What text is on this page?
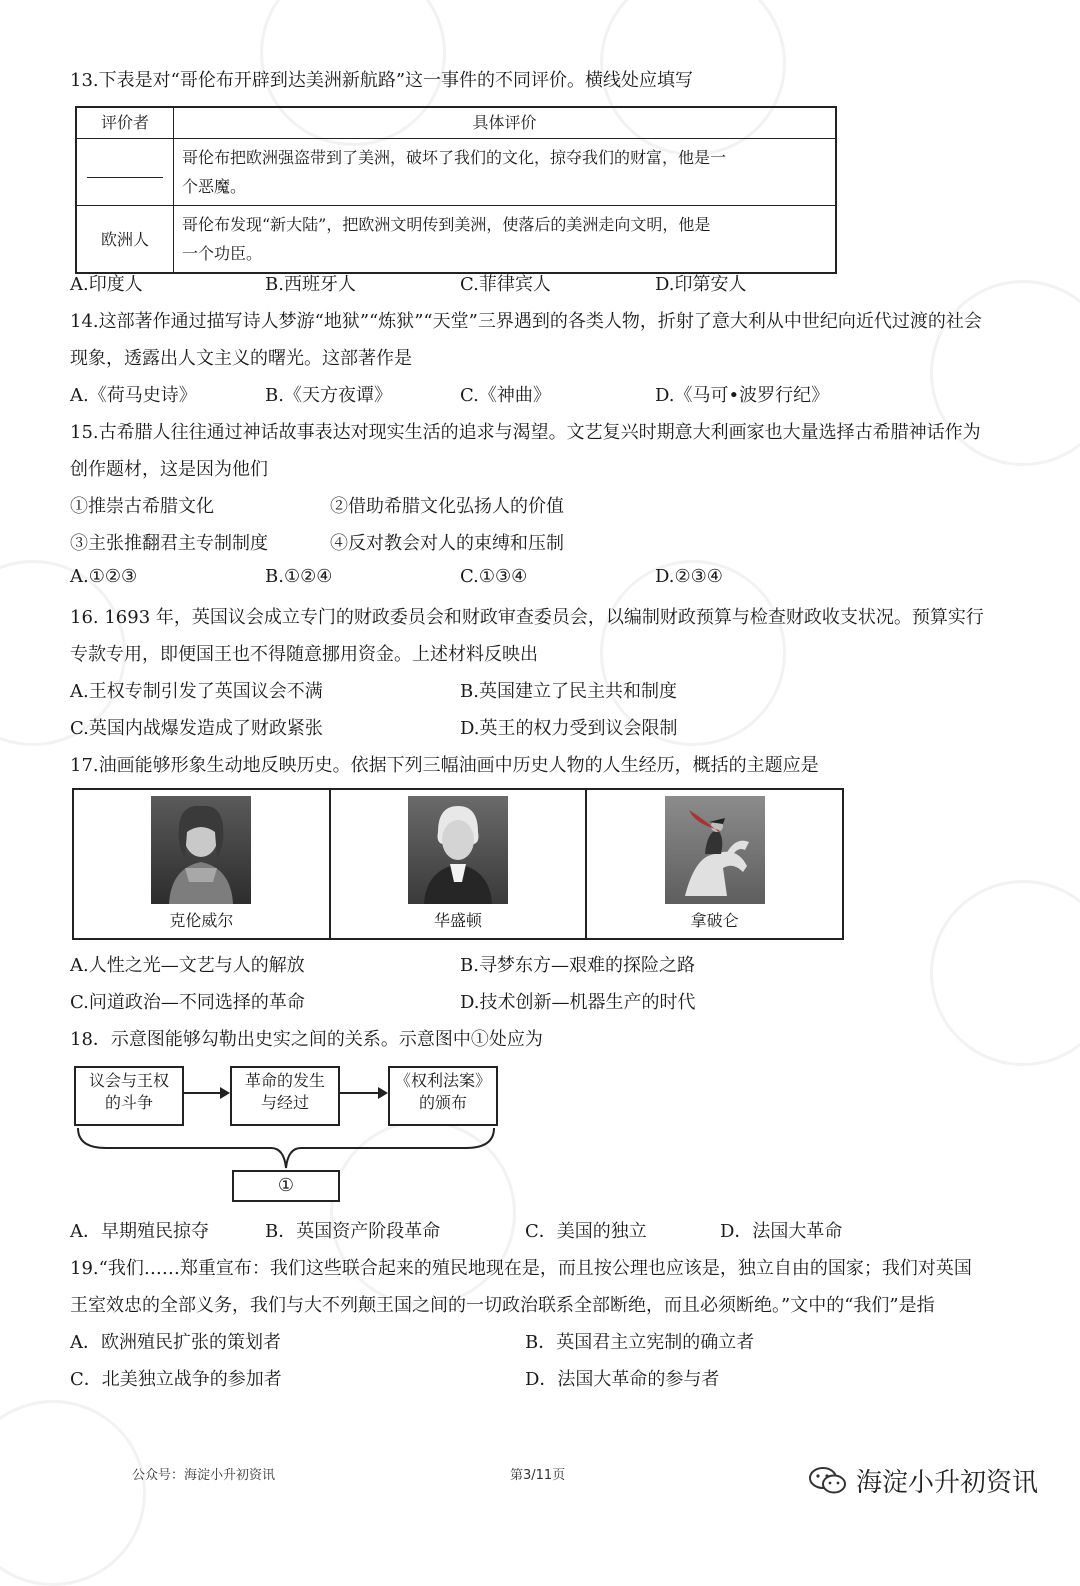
13.下表是对“哥伦布开辟到达美洲新航路”这一事件的不同评价。横线处应填写
评价者	具体评价

	哥伦布把欧洲强盗带到了美洲，破坏了我们的文化，掠夺我们的财富，他是一
个恶魔。

欧洲人	哥伦布发现“新大陆”，把欧洲文明传到美洲，使落后的美洲走向文明，他是
一个功臣。
A.印度人	B.西班牙人	C.菲律宾人	D.印第安人
14.这部著作通过描写诗人梦游“地狱”“炼狱”“天堂”三界遇到的各类人物，折射了意大利从中世纪向近代过渡的社会
现象，透露出人文主义的曙光。这部著作是
A.《荷马史诗》	B.《天方夜谭》	C.《神曲》	D.《马可•波罗行纪》
15.古希腊人往往通过神话故事表达对现实生活的追求与渴望。文艺复兴时期意大利画家也大量选择古希腊神话作为
创作题材，这是因为他们
①推崇古希腊文化	②借助希腊文化弘扬人的价值
③主张推翻君主专制制度	④反对教会对人的束缚和压制
A.①②③	B.①②④	C.①③④	D.②③④
16. 1693 年，英国议会成立专门的财政委员会和财政审查委员会，以编制财政预算与检查财政收支状况。预算实行
专款专用，即便国王也不得随意挪用资金。上述材料反映出
A.王权专制引发了英国议会不满	B.英国建立了民主共和制度
C.英国内战爆发造成了财政紧张	D.英王的权力受到议会限制
17.油画能够形象生动地反映历史。依据下列三幅油画中历史人物的人生经历，概括的主题应是
克伦威尔	华盛顿	拿破仑
A.人性之光—文艺与人的解放	B.寻梦东方—艰难的探险之路
C.问道政治—不同选择的革命	D.技术创新—机器生产的时代
18．示意图能够勾勒出史实之间的关系。示意图中①处应为
议会与王权
的斗争
革命的发生
与经过
《权利法案》
的颁布
①
A．早期殖民掠夺	B．英国资产阶段革命	C．美国的独立	D．法国大革命
19.“我们……郑重宣布：我们这些联合起来的殖民地现在是，而且按公理也应该是，独立自由的国家；我们对英国
王室效忠的全部义务，我们与大不列颠王国之间的一切政治联系全部断绝，而且必须断绝。”文中的“我们”是指
A．欧洲殖民扩张的策划者	B．英国君主立宪制的确立者
C．北美独立战争的参加者	D．法国大革命的参与者
公众号：海淀小升初资讯	第3/11页	海淀小升初资讯
